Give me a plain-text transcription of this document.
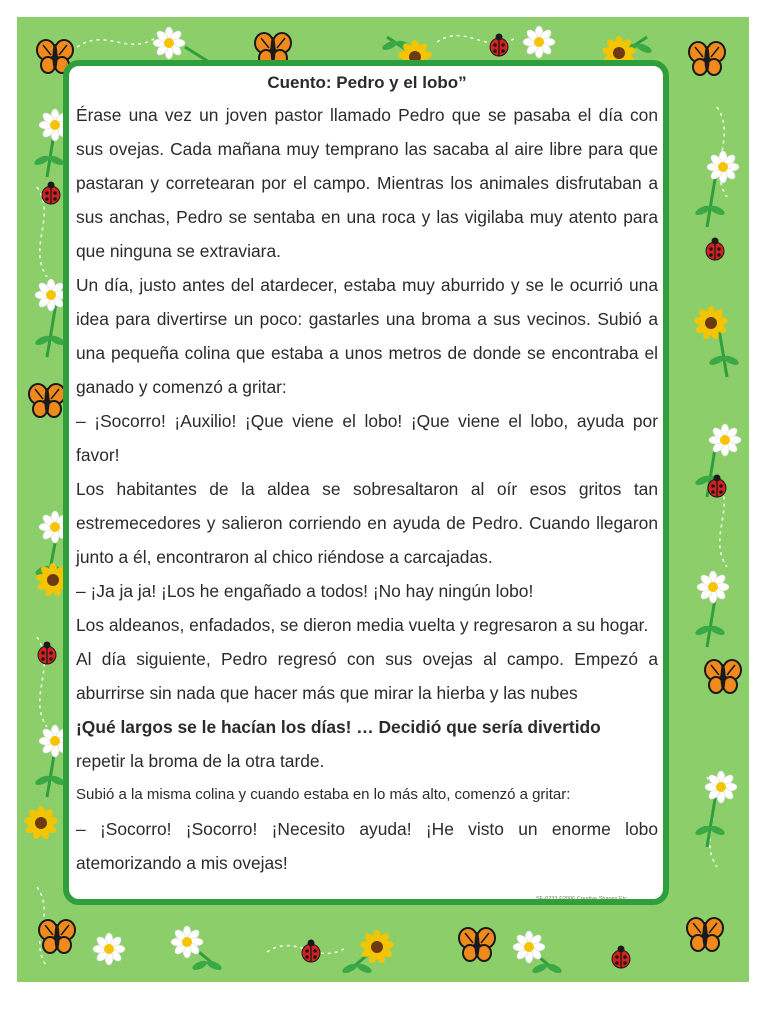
Cuento: Pedro y el lobo”

Érase una vez un joven pastor llamado Pedro que se pasaba el día con sus ovejas. Cada mañana muy temprano las sacaba al aire libre para que pastaran y corretearan por el campo. Mientras los animales disfrutaban a sus anchas, Pedro se sentaba en una roca y las vigilaba muy atento para que ninguna se extraviara.

Un día, justo antes del atardecer, estaba muy aburrido y se le ocurrió una idea para divertirse un poco: gastarles una broma a sus vecinos. Subió a una pequeña colina que estaba a unos metros de donde se encontraba el ganado y comenzó a gritar:

– ¡Socorro! ¡Auxilio! ¡Que viene el lobo! ¡Que viene el lobo, ayuda por favor!

Los habitantes de la aldea se sobresaltaron al oír esos gritos tan estremecedores y salieron corriendo en ayuda de Pedro. Cuando llegaron junto a él, encontraron al chico riéndose a carcajadas.

– ¡Ja ja ja! ¡Los he engañado a todos! ¡No hay ningún lobo!

Los aldeanos, enfadados, se dieron media vuelta y regresaron a su hogar.

Al día siguiente, Pedro regresó con sus ovejas al campo. Empezó a aburrirse sin nada que hacer más que mirar la hierba y las nubes

¡Qué largos se le hacían los días! … Decidió que sería divertido

repetir la broma de la otra tarde.

Subió a la misma colina y cuando estaba en lo más alto, comenzó a gritar:

– ¡Socorro! ¡Socorro! ¡Necesito ayuda! ¡He visto un enorme lobo atemorizando a mis ovejas!

SE-0233 ©2006 Creative Shapes Etc.
